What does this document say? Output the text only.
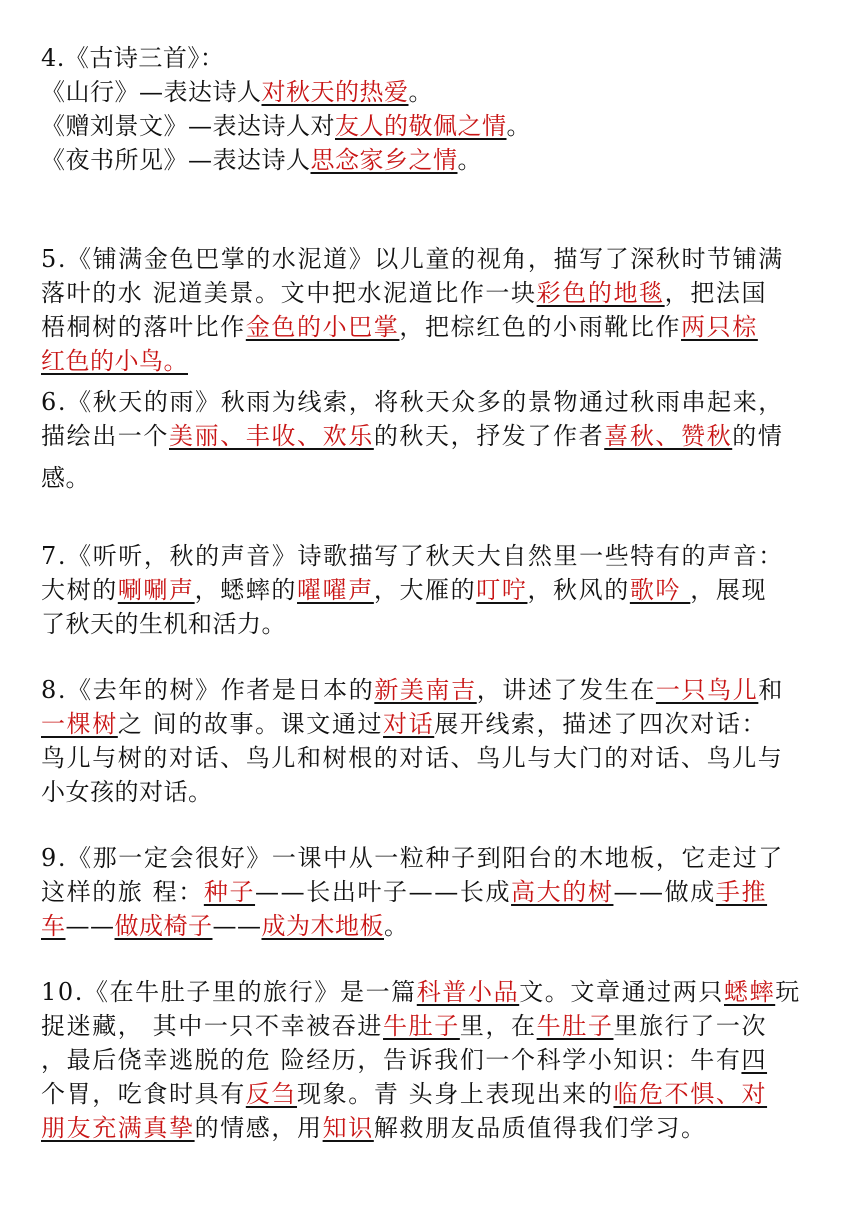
4.《古诗三首》：
《山行》—表达诗人对秋天的热爱。
《赠刘景文》—表达诗人对友人的敬佩之情。
《夜书所见》—表达诗人思念家乡之情。
5.《铺满金色巴掌的水泥道》以儿童的视角，描写了深秋时节铺满
落叶的水 泥道美景。文中把水泥道比作一块彩色的地毯，把法国
梧桐树的落叶比作金色的小巴掌，把棕红色的小雨靴比作两只棕
红色的小鸟。
6.《秋天的雨》秋雨为线索，将秋天众多的景物通过秋雨串起来，
描绘出一个美丽、丰收、欢乐的秋天，抒发了作者喜秋、赞秋的情
感。
7.《听听，秋的声音》诗歌描写了秋天大自然里一些特有的声音：
大树的唰唰声，蟋蟀的嚁嚁声，大雁的叮咛，秋风的歌吟 ，展现
了秋天的生机和活力。
8.《去年的树》作者是日本的新美南吉，讲述了发生在一只鸟儿和
一棵树之 间的故事。课文通过对话展开线索，描述了四次对话：
鸟儿与树的对话、鸟儿和树根的对话、鸟儿与大门的对话、鸟儿与
小女孩的对话。
9.《那一定会很好》一课中从一粒种子到阳台的木地板，它走过了
这样的旅 程：种子——长出叶子——长成高大的树——做成手推
车——做成椅子——成为木地板。
10.《在牛肚子里的旅行》是一篇科普小品文。文章通过两只蟋蟀玩
捉迷藏， 其中一只不幸被吞进牛肚子里，在牛肚子里旅行了一次
，最后侥幸逃脱的危 险经历，告诉我们一个科学小知识：牛有四
个胃，吃食时具有反刍现象。青 头身上表现出来的临危不惧、对
朋友充满真挚的情感，用知识解救朋友品质值得我们学习。
